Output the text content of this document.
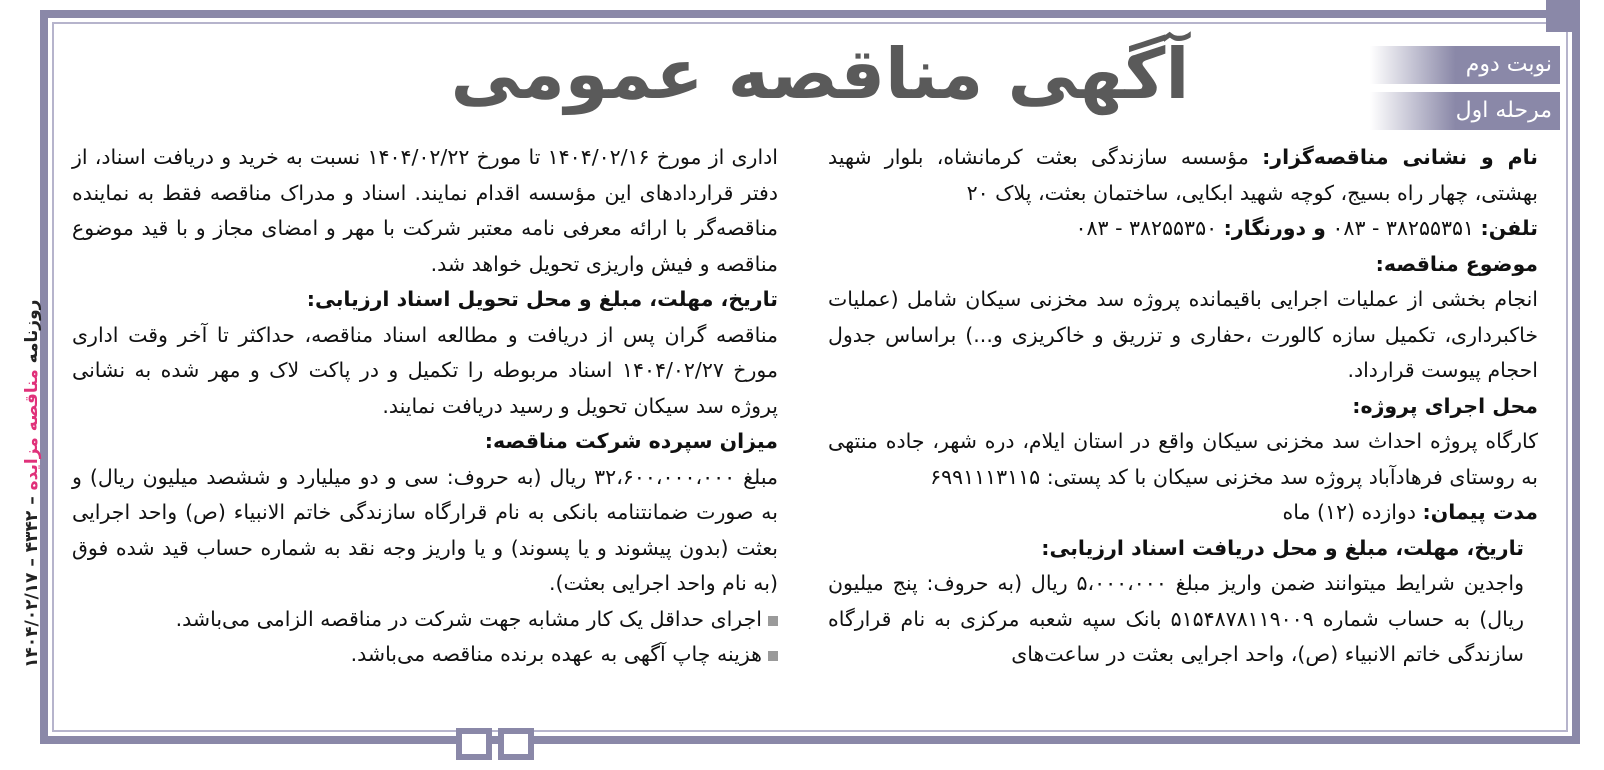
نوبت دوم
مرحله اول
آگهی مناقصه عمومی
روزنامه مناقصه مزایده – ۴۳۴۲ – ۱۴۰۴/۰۲/۱۷

نام و نشانی مناقصه‌گزار: مؤسسه سازندگی بعثت کرمانشاه، بلوار شهید بهشتی، چهار راه بسیج، کوچه شهید ابکایی، ساختمان بعثت، پلاک ۲۰

تلفن: ۳۸۲۵۵۳۵۱ - ۰۸۳ و دورنگار: ۳۸۲۵۵۳۵۰ - ۰۸۳

موضوع مناقصه:

انجام بخشی از عملیات اجرایی باقیمانده پروژه سد مخزنی سیکان شامل (عملیات خاکبرداری، تکمیل سازه کالورت ،حفاری و تزریق و خاکریزی و...) براساس جدول احجام پیوست قرارداد.

محل اجرای پروژه:

کارگاه پروژه احداث سد مخزنی سیکان واقع در استان ایلام، دره شهر، جاده منتهی به روستای فرهادآباد پروژه سد مخزنی سیکان با کد پستی: ۶۹۹۱۱۱۳۱۱۵

مدت پیمان: دوازده (۱۲) ماه

تاریخ، مهلت، مبلغ و محل دریافت اسناد ارزیابی:

واجدین شرایط میتوانند ضمن واریز مبلغ ۵،۰۰۰،۰۰۰ ریال (به حروف: پنج میلیون ریال) به حساب شماره ۵۱۵۴۸۷۸۱۱۹۰۰۹ بانک سپه شعبه مرکزی به نام قرارگاه سازندگی خاتم الانبیاء (ص)، واحد اجرایی بعثت در ساعت‌های

اداری از مورخ ۱۴۰۴/۰۲/۱۶ تا مورخ ۱۴۰۴/۰۲/۲۲ نسبت به خرید و دریافت اسناد، از دفتر قراردادهای این مؤسسه اقدام نمایند. اسناد و مدراک مناقصه فقط به نماینده مناقصه‌گر با ارائه معرفی نامه معتبر شرکت با مهر و امضای مجاز و با قید موضوع مناقصه و فیش واریزی تحویل خواهد شد.

تاریخ، مهلت، مبلغ و محل تحویل اسناد ارزیابی:

مناقصه گران پس از دریافت و مطالعه اسناد مناقصه، حداکثر تا آخر وقت اداری مورخ ۱۴۰۴/۰۲/۲۷ اسناد مربوطه را تکمیل و در پاکت لاک و مهر شده به نشانی پروژه سد سیکان تحویل و رسید دریافت نمایند.

میزان سپرده شرکت مناقصه:

مبلغ ۳۲،۶۰۰،۰۰۰،۰۰۰ ریال (به حروف: سی و دو میلیارد و ششصد میلیون ریال) و به صورت ضمانتنامه بانکی به نام قرارگاه سازندگی خاتم الانبیاء (ص) واحد اجرایی بعثت (بدون پیشوند و یا پسوند) و یا واریز وجه نقد به شماره حساب قید شده فوق (به نام واحد اجرایی بعثت).

اجرای حداقل یک کار مشابه جهت شرکت در مناقصه الزامی می‌باشد.
هزینه چاپ آگهی به عهده برنده مناقصه می‌باشد.
